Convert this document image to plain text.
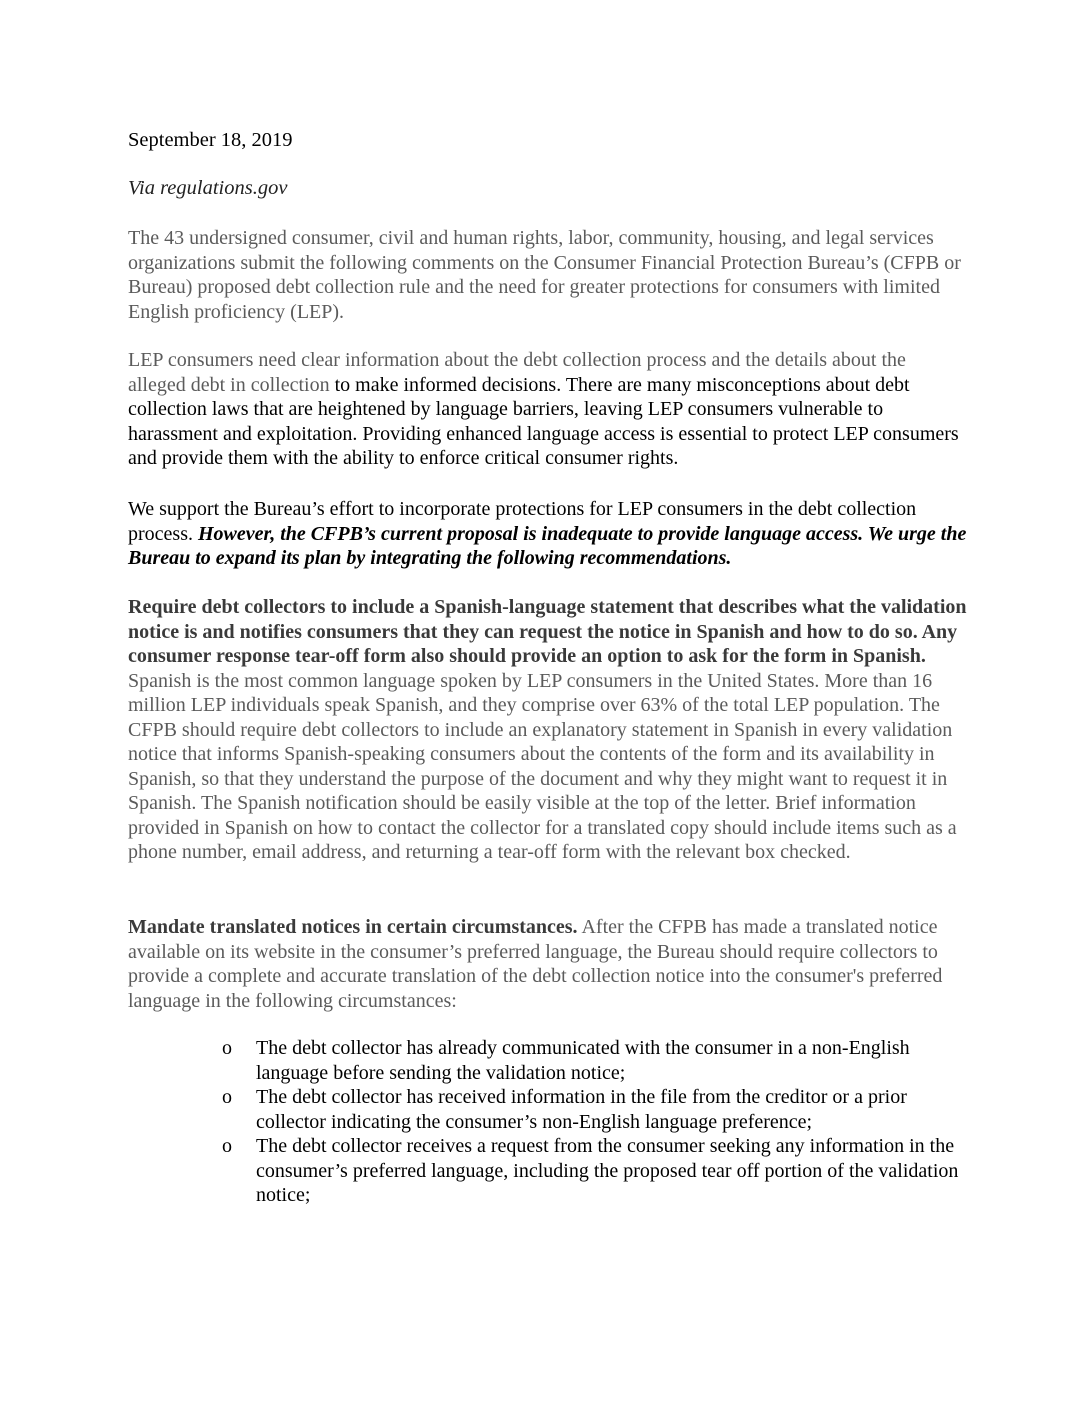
September 18, 2019

Via regulations.gov

The 43 undersigned consumer, civil and human rights, labor, community, housing, and legal services organizations submit the following comments on the Consumer Financial Protection Bureau’s (CFPB or Bureau) proposed debt collection rule and the need for greater protections for consumers with limited English proficiency (LEP).

LEP consumers need clear information about the debt collection process and the details about the alleged debt in collection to make informed decisions. There are many misconceptions about debt collection laws that are heightened by language barriers, leaving LEP consumers vulnerable to harassment and exploitation. Providing enhanced language access is essential to protect LEP consumers and provide them with the ability to enforce critical consumer rights.

We support the Bureau’s effort to incorporate protections for LEP consumers in the debt collection process. However, the CFPB’s current proposal is inadequate to provide language access. We urge the Bureau to expand its plan by integrating the following recommendations.

Require debt collectors to include a Spanish-language statement that describes what the validation notice is and notifies consumers that they can request the notice in Spanish and how to do so. Any consumer response tear-off form also should provide an option to ask for the form in Spanish. Spanish is the most common language spoken by LEP consumers in the United States. More than 16 million LEP individuals speak Spanish, and they comprise over 63% of the total LEP population. The CFPB should require debt collectors to include an explanatory statement in Spanish in every validation notice that informs Spanish-speaking consumers about the contents of the form and its availability in Spanish, so that they understand the purpose of the document and why they might want to request it in Spanish. The Spanish notification should be easily visible at the top of the letter. Brief information provided in Spanish on how to contact the collector for a translated copy should include items such as a phone number, email address, and returning a tear-off form with the relevant box checked.

Mandate translated notices in certain circumstances. After the CFPB has made a translated notice available on its website in the consumer’s preferred language, the Bureau should require collectors to provide a complete and accurate translation of the debt collection notice into the consumer's preferred language in the following circumstances:

o The debt collector has already communicated with the consumer in a non-English language before sending the validation notice;
o The debt collector has received information in the file from the creditor or a prior collector indicating the consumer’s non-English language preference;
o The debt collector receives a request from the consumer seeking any information in the consumer’s preferred language, including the proposed tear off portion of the validation notice;
